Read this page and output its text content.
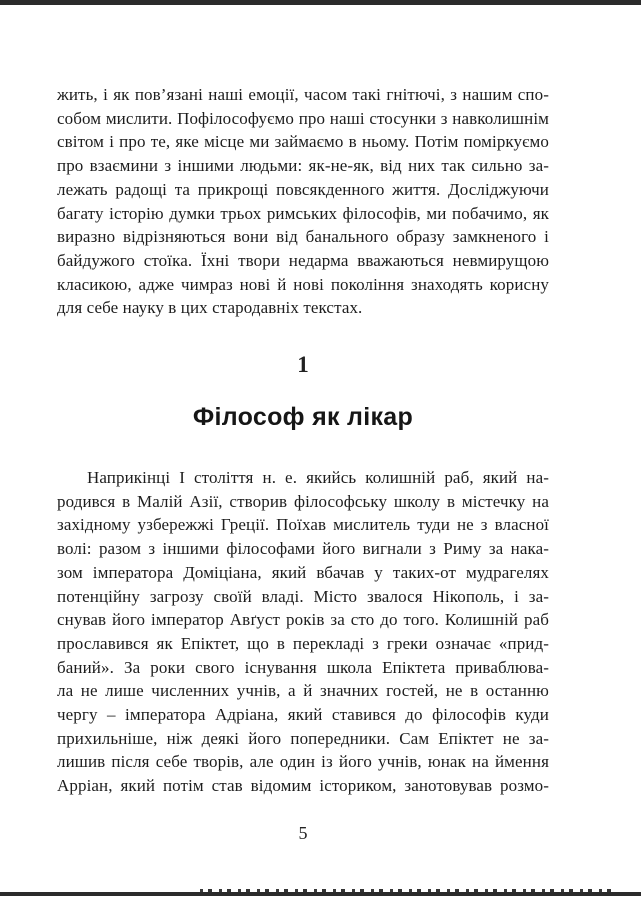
жить, і як пов’язані наші емоції, часом такі гнітючі, з нашим спо-
собом мислити. Пофілософуємо про наші стосунки з навколишнім
світом і про те, яке місце ми займаємо в ньому. Потім поміркуємо
про взаємини з іншими людьми: як-не-як, від них так сильно за-
лежать радощі та прикрощі повсякденного життя. Досліджуючи
багату історію думки трьох римських філософів, ми побачимо, як
виразно відрізняються вони від банального образу замкненого і
байдужого стоїка. Їхні твори недарма вважаються невмирущою
класикою, адже чимраз нові й нові покоління знаходять корисну
для себе науку в цих стародавніх текстах.
1
Філософ як лікар
Наприкінці І століття н. е. якийсь колишній раб, який на-
родився в Малій Азії, створив філософську школу в містечку на
західному узбережжі Греції. Поїхав мислитель туди не з власної
волі: разом з іншими філософами його вигнали з Риму за нака-
зом імператора Доміціана, який вбачав у таких-от мудрагелях
потенційну загрозу своїй владі. Місто звалося Нікополь, і за-
снував його імператор Авґуст років за сто до того. Колишній раб
прославився як Епіктет, що в перекладі з греки означає «прид-
баний». За роки свого існування школа Епіктета приваблюва-
ла не лише численних учнів, а й значних гостей, не в останню
чергу – імператора Адріана, який ставився до філософів куди
прихильніше, ніж деякі його попередники. Сам Епіктет не за-
лишив після себе творів, але один із його учнів, юнак на ймення
Арріан, який потім став відомим істориком, занотовував розмо-
5
